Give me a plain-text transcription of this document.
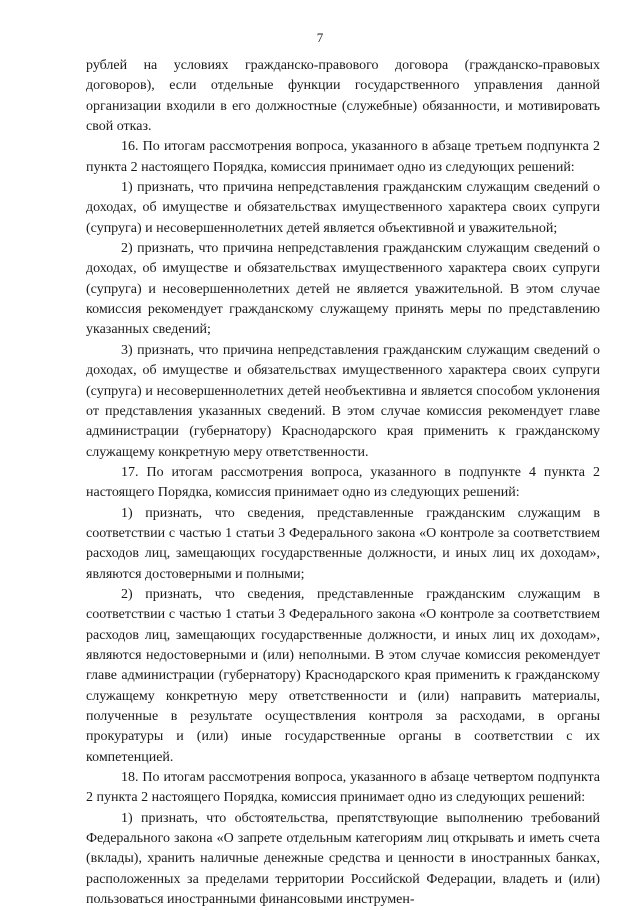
7

рублей на условиях гражданско-правового договора (гражданско-правовых договоров), если отдельные функции государственного управления данной организации входили в его должностные (служебные) обязанности, и мотивировать свой отказ.

16. По итогам рассмотрения вопроса, указанного в абзаце третьем подпункта 2 пункта 2 настоящего Порядка, комиссия принимает одно из следующих решений:

1) признать, что причина непредставления гражданским служащим сведений о доходах, об имуществе и обязательствах имущественного характера своих супруги (супруга) и несовершеннолетних детей является объективной и уважительной;

2) признать, что причина непредставления гражданским служащим сведений о доходах, об имуществе и обязательствах имущественного характера своих супруги (супруга) и несовершеннолетних детей не является уважительной. В этом случае комиссия рекомендует гражданскому служащему принять меры по представлению указанных сведений;

3) признать, что причина непредставления гражданским служащим сведений о доходах, об имуществе и обязательствах имущественного характера своих супруги (супруга) и несовершеннолетних детей необъективна и является способом уклонения от представления указанных сведений. В этом случае комиссия рекомендует главе администрации (губернатору) Краснодарского края применить к гражданскому служащему конкретную меру ответственности.

17. По итогам рассмотрения вопроса, указанного в подпункте 4 пункта 2 настоящего Порядка, комиссия принимает одно из следующих решений:

1) признать, что сведения, представленные гражданским служащим в соответствии с частью 1 статьи 3 Федерального закона «О контроле за соответствием расходов лиц, замещающих государственные должности, и иных лиц их доходам», являются достоверными и полными;

2) признать, что сведения, представленные гражданским служащим в соответствии с частью 1 статьи 3 Федерального закона «О контроле за соответствием расходов лиц, замещающих государственные должности, и иных лиц их доходам», являются недостоверными и (или) неполными. В этом случае комиссия рекомендует главе администрации (губернатору) Краснодарского края применить к гражданскому служащему конкретную меру ответственности и (или) направить материалы, полученные в результате осуществления контроля за расходами, в органы прокуратуры и (или) иные государственные органы в соответствии с их компетенцией.

18. По итогам рассмотрения вопроса, указанного в абзаце четвертом подпункта 2 пункта 2 настоящего Порядка, комиссия принимает одно из следующих решений:

1) признать, что обстоятельства, препятствующие выполнению требований Федерального закона «О запрете отдельным категориям лиц открывать и иметь счета (вклады), хранить наличные денежные средства и ценности в иностранных банках, расположенных за пределами территории Российской Федерации, владеть и (или) пользоваться иностранными финансовыми инструмен-
